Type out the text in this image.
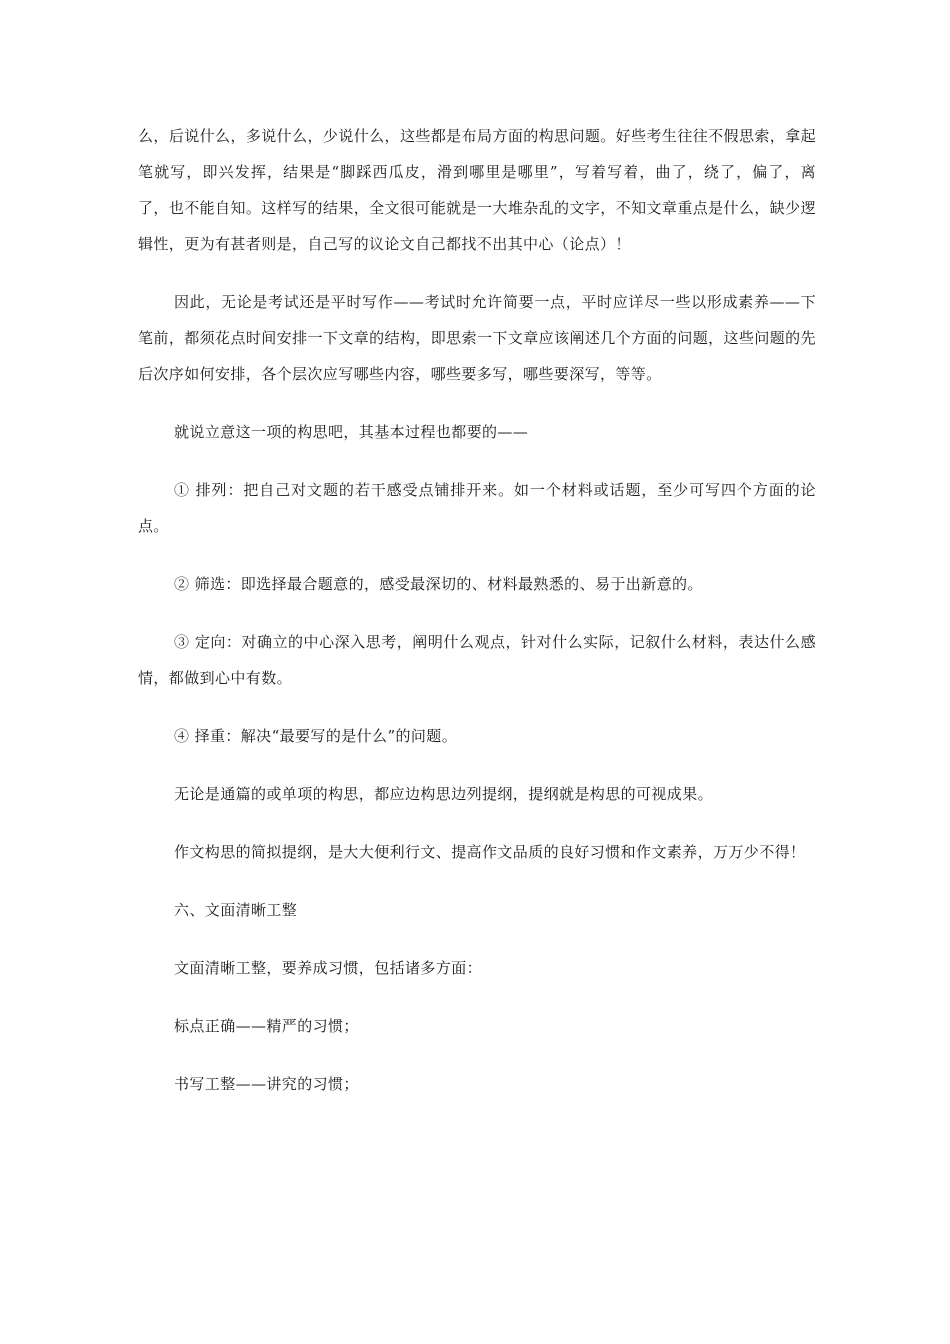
么，后说什么，多说什么，少说什么，这些都是布局方面的构思问题。好些考生往往不假思索，拿起笔就写，即兴发挥，结果是“脚踩西瓜皮，滑到哪里是哪里”，写着写着，曲了，绕了，偏了，离了，也不能自知。这样写的结果，全文很可能就是一大堆杂乱的文字，不知文章重点是什么，缺少逻辑性，更为有甚者则是，自己写的议论文自己都找不出其中心（论点）！

因此，无论是考试还是平时写作——考试时允许简要一点，平时应详尽一些以形成素养——下笔前，都须花点时间安排一下文章的结构，即思索一下文章应该阐述几个方面的问题，这些问题的先后次序如何安排，各个层次应写哪些内容，哪些要多写，哪些要深写，等等。

就说立意这一项的构思吧，其基本过程也都要的——

① 排列：把自己对文题的若干感受点铺排开来。如一个材料或话题，至少可写四个方面的论点。

② 筛选：即选择最合题意的，感受最深切的、材料最熟悉的、易于出新意的。

③ 定向：对确立的中心深入思考，阐明什么观点，针对什么实际，记叙什么材料，表达什么感情，都做到心中有数。

④ 择重：解决“最要写的是什么”的问题。

无论是通篇的或单项的构思，都应边构思边列提纲，提纲就是构思的可视成果。

作文构思的简拟提纲，是大大便利行文、提高作文品质的良好习惯和作文素养，万万少不得！

六、文面清晰工整

文面清晰工整，要养成习惯，包括诸多方面：

标点正确——精严的习惯；

书写工整——讲究的习惯；
